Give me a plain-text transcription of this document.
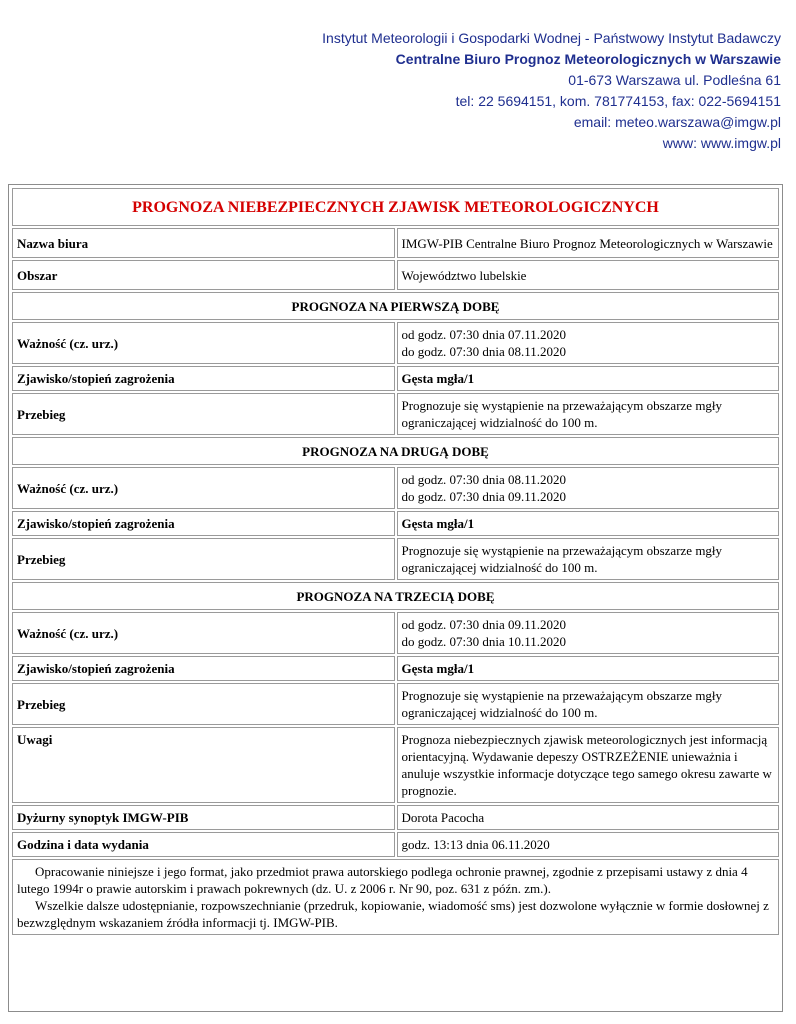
Instytut Meteorologii i Gospodarki Wodnej - Państwowy Instytut Badawczy
Centralne Biuro Prognoz Meteorologicznych w Warszawie
01-673 Warszawa ul. Podleśna 61
tel: 22 5694151, kom. 781774153, fax: 022-5694151
email: meteo.warszawa@imgw.pl
www: www.imgw.pl
PROGNOZA NIEBEZPIECZNYCH ZJAWISK METEOROLOGICZNYCH	
Nazwa biura	IMGW-PIB Centralne Biuro Prognoz Meteorologicznych w Warszawie
Obszar	Województwo lubelskie
PROGNOZA NA PIERWSZĄ DOBĘ	
Ważność (cz. urz.)	od godz. 07:30 dnia 07.11.2020
do godz. 07:30 dnia 08.11.2020

Zjawisko/stopień zagrożenia	Gęsta mgła/1
Przebieg	Prognozuje się wystąpienie na przeważającym obszarze mgły ograniczającej widzialność do 100 m.
PROGNOZA NA DRUGĄ DOBĘ	
Ważność (cz. urz.)	od godz. 07:30 dnia 08.11.2020
do godz. 07:30 dnia 09.11.2020

Zjawisko/stopień zagrożenia	Gęsta mgła/1
Przebieg	Prognozuje się wystąpienie na przeważającym obszarze mgły ograniczającej widzialność do 100 m.
PROGNOZA NA TRZECIĄ DOBĘ	
Ważność (cz. urz.)	od godz. 07:30 dnia 09.11.2020
do godz. 07:30 dnia 10.11.2020

Zjawisko/stopień zagrożenia	Gęsta mgła/1
Przebieg	Prognozuje się wystąpienie na przeważającym obszarze mgły ograniczającej widzialność do 100 m.
Uwagi	Prognoza niebezpiecznych zjawisk meteorologicznych jest informacją orientacyjną. Wydawanie depeszy OSTRZEŻENIE unieważnia i anuluje wszystkie informacje dotyczące tego samego okresu zawarte w prognozie.
Dyżurny synoptyk IMGW-PIB	Dorota Pacocha
Godzina i data wydania	godz. 13:13 dnia 06.11.2020

Opracowanie niniejsze i jego format, jako przedmiot prawa autorskiego podlega ochronie prawnej, zgodnie z przepisami ustawy z dnia 4 lutego 1994r o prawie autorskim i prawach pokrewnych (dz. U. z 2006 r. Nr 90, poz. 631 z późn. zm.).

Wszelkie dalsze udostępnianie, rozpowszechnianie (przedruk, kopiowanie, wiadomość sms) jest dozwolone wyłącznie w formie dosłownej z bezwzględnym wskazaniem źródła informacji tj. IMGW-PIB.	
